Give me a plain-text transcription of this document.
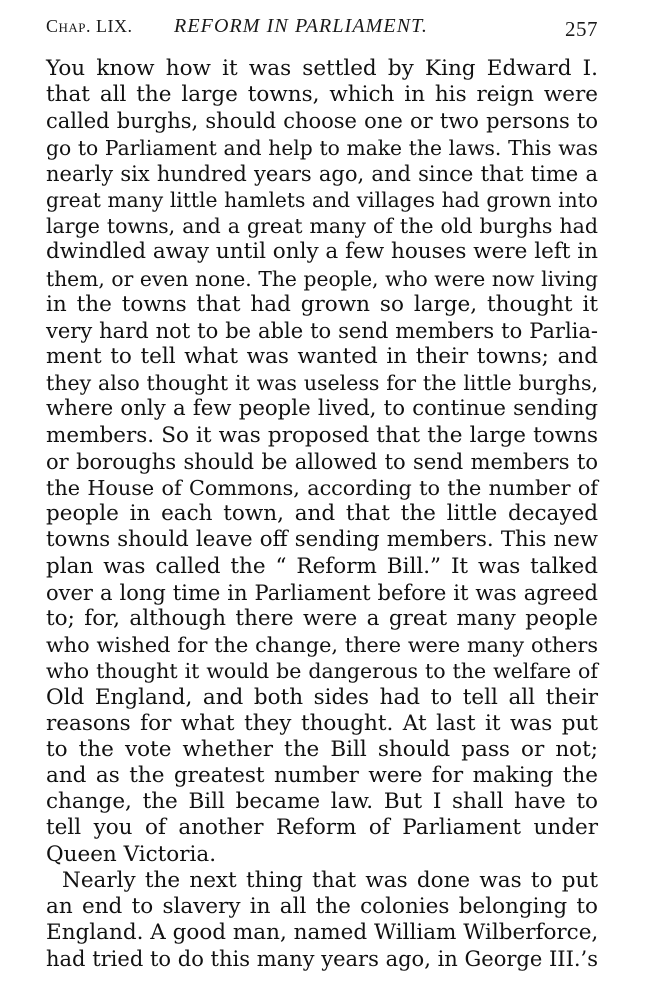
Chap. LIX. REFORM IN PARLIAMENT.	257
You know how it was settled by King Edward I.
that all the large towns, which in his reign were
called burghs, should choose one or two persons to
go to Parliament and help to make the laws. This was
nearly six hundred years ago, and since that time a
great many little hamlets and villages had grown into
large towns, and a great many of the old burghs had
dwindled away until only a few houses were left in
them, or even none. The people, who were now living
in the towns that had grown so large, thought it
very hard not to be able to send members to Parlia-
ment to tell what was wanted in their towns; and
they also thought it was useless for the little burghs,
where only a few people lived, to continue sending
members. So it was proposed that the large towns
or boroughs should be allowed to send members to
the House of Commons, according to the number of
people in each town, and that the little decayed
towns should leave off sending members. This new
plan was called the “ Reform Bill.” It was talked
over a long time in Parliament before it was agreed
to; for, although there were a great many people
who wished for the change, there were many others
who thought it would be dangerous to the welfare of
Old England, and both sides had to tell all their
reasons for what they thought. At last it was put
to the vote whether the Bill should pass or not;
and as the greatest number were for making the
change, the Bill became law. But I shall have to
tell you of another Reform of Parliament under
Queen Victoria.
Nearly the next thing that was done was to put
an end to slavery in all the colonies belonging to
England. A good man, named William Wilberforce,
had tried to do this many years ago, in George III.’s
